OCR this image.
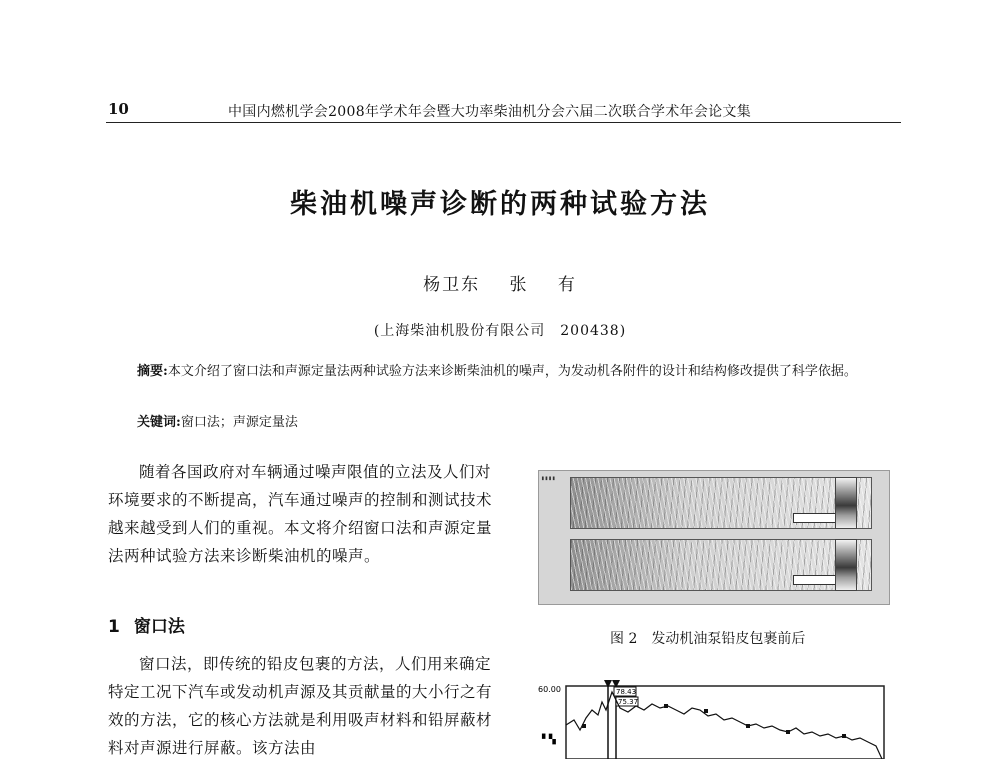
10	中国内燃机学会2008年学术年会暨大功率柴油机分会六届二次联合学术年会论文集
柴油机噪声诊断的两种试验方法
杨卫东 张 有
(上海柴油机股份有限公司　200438)
摘要:本文介绍了窗口法和声源定量法两种试验方法来诊断柴油机的噪声，为发动机各附件的设计和结构修改提供了科学依据。
关键词:窗口法；声源定量法
随着各国政府对车辆通过噪声限值的立法及人们对环境要求的不断提高，汽车通过噪声的控制和测试技术越来越受到人们的重视。本文将介绍窗口法和声源定量法两种试验方法来诊断柴油机的噪声。
1 窗口法
窗口法，即传统的铅皮包裹的方法，人们用来确定特定工况下汽车或发动机声源及其贡献量的大小行之有效的方法，它的核心方法就是利用吸声材料和铅屏蔽材料对声源进行屏蔽。该方法由
▮▮▮▮
图 2 发动机油泵铅皮包裹前后
60.00
▘▚
78.43
75.37
